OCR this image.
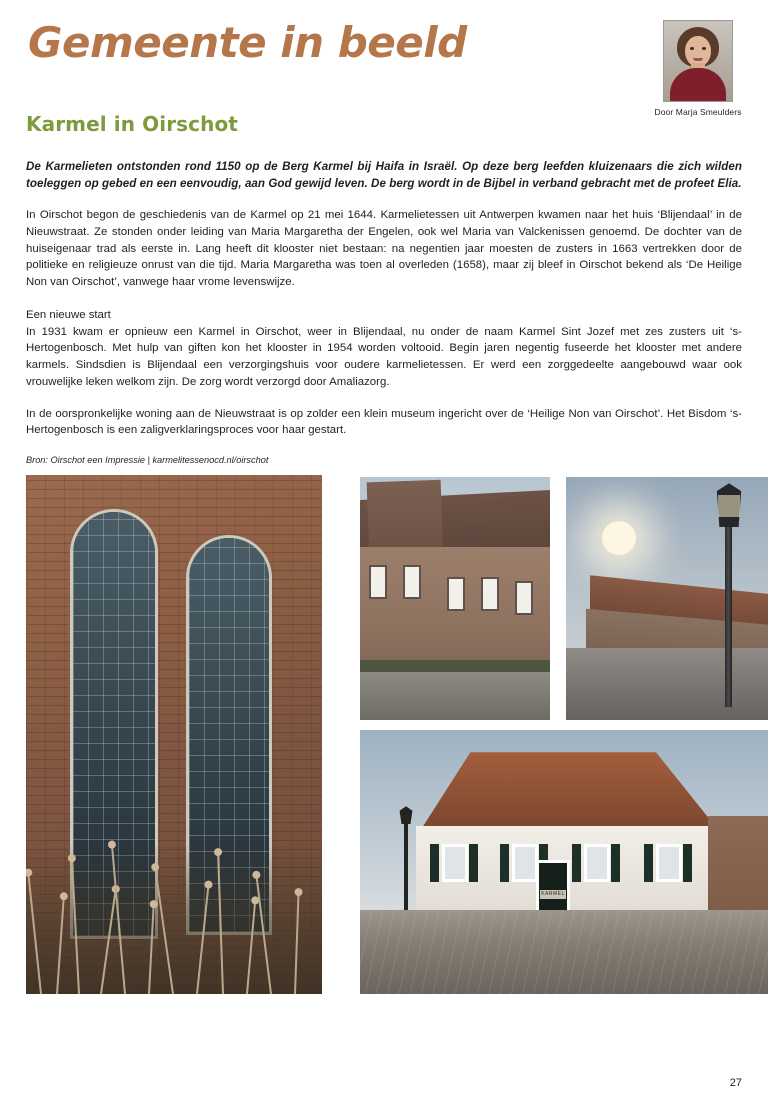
Gemeente in beeld
Door Marja Smeulders
Karmel in Oirschot

De Karmelieten ontstonden rond 1150 op de Berg Karmel bij Haifa in Israël. Op deze berg leefden kluizenaars die zich wilden toeleggen op gebed en een eenvoudig, aan God gewijd leven. De berg wordt in de Bijbel in verband gebracht met de profeet Elia.

In Oirschot begon de geschiedenis van de Karmel op 21 mei 1644. Karmelietessen uit Antwerpen kwamen naar het huis ‘Blijendaal’ in de Nieuwstraat. Ze stonden onder leiding van Maria Margaretha der Engelen, ook wel Maria van Valckenissen genoemd. De dochter van de huiseigenaar trad als eerste in. Lang heeft dit klooster niet bestaan: na negentien jaar moesten de zusters in 1663 vertrekken door de politieke en religieuze onrust van die tijd. Maria Margaretha was toen al overleden (1658), maar zij bleef in Oirschot bekend als ‘De Heilige Non van Oirschot’, vanwege haar vrome levenswijze.

Een nieuwe start

In 1931 kwam er opnieuw een Karmel in Oirschot, weer in Blijendaal, nu onder de naam Karmel Sint Jozef met zes zusters uit ‘s-Hertogenbosch. Met hulp van giften kon het klooster in 1954 worden voltooid. Begin jaren negentig fuseerde het klooster met andere karmels. Sindsdien is Blijendaal een verzorgingshuis voor oudere karmelietessen. Er werd een zorggedeelte aangebouwd waar ook vrouwelijke leken welkom zijn. De zorg wordt verzorgd door Amaliazorg.

In de oorspronkelijke woning aan de Nieuwstraat is op zolder een klein museum ingericht over de ‘Heilige Non van Oirschot’. Het Bisdom ‘s-Hertogenbosch is een zaligverklaringsproces voor haar gestart.

Bron: Oirschot een Impressie | karmelitessenocd.nl/oirschot

KARMEL
27
